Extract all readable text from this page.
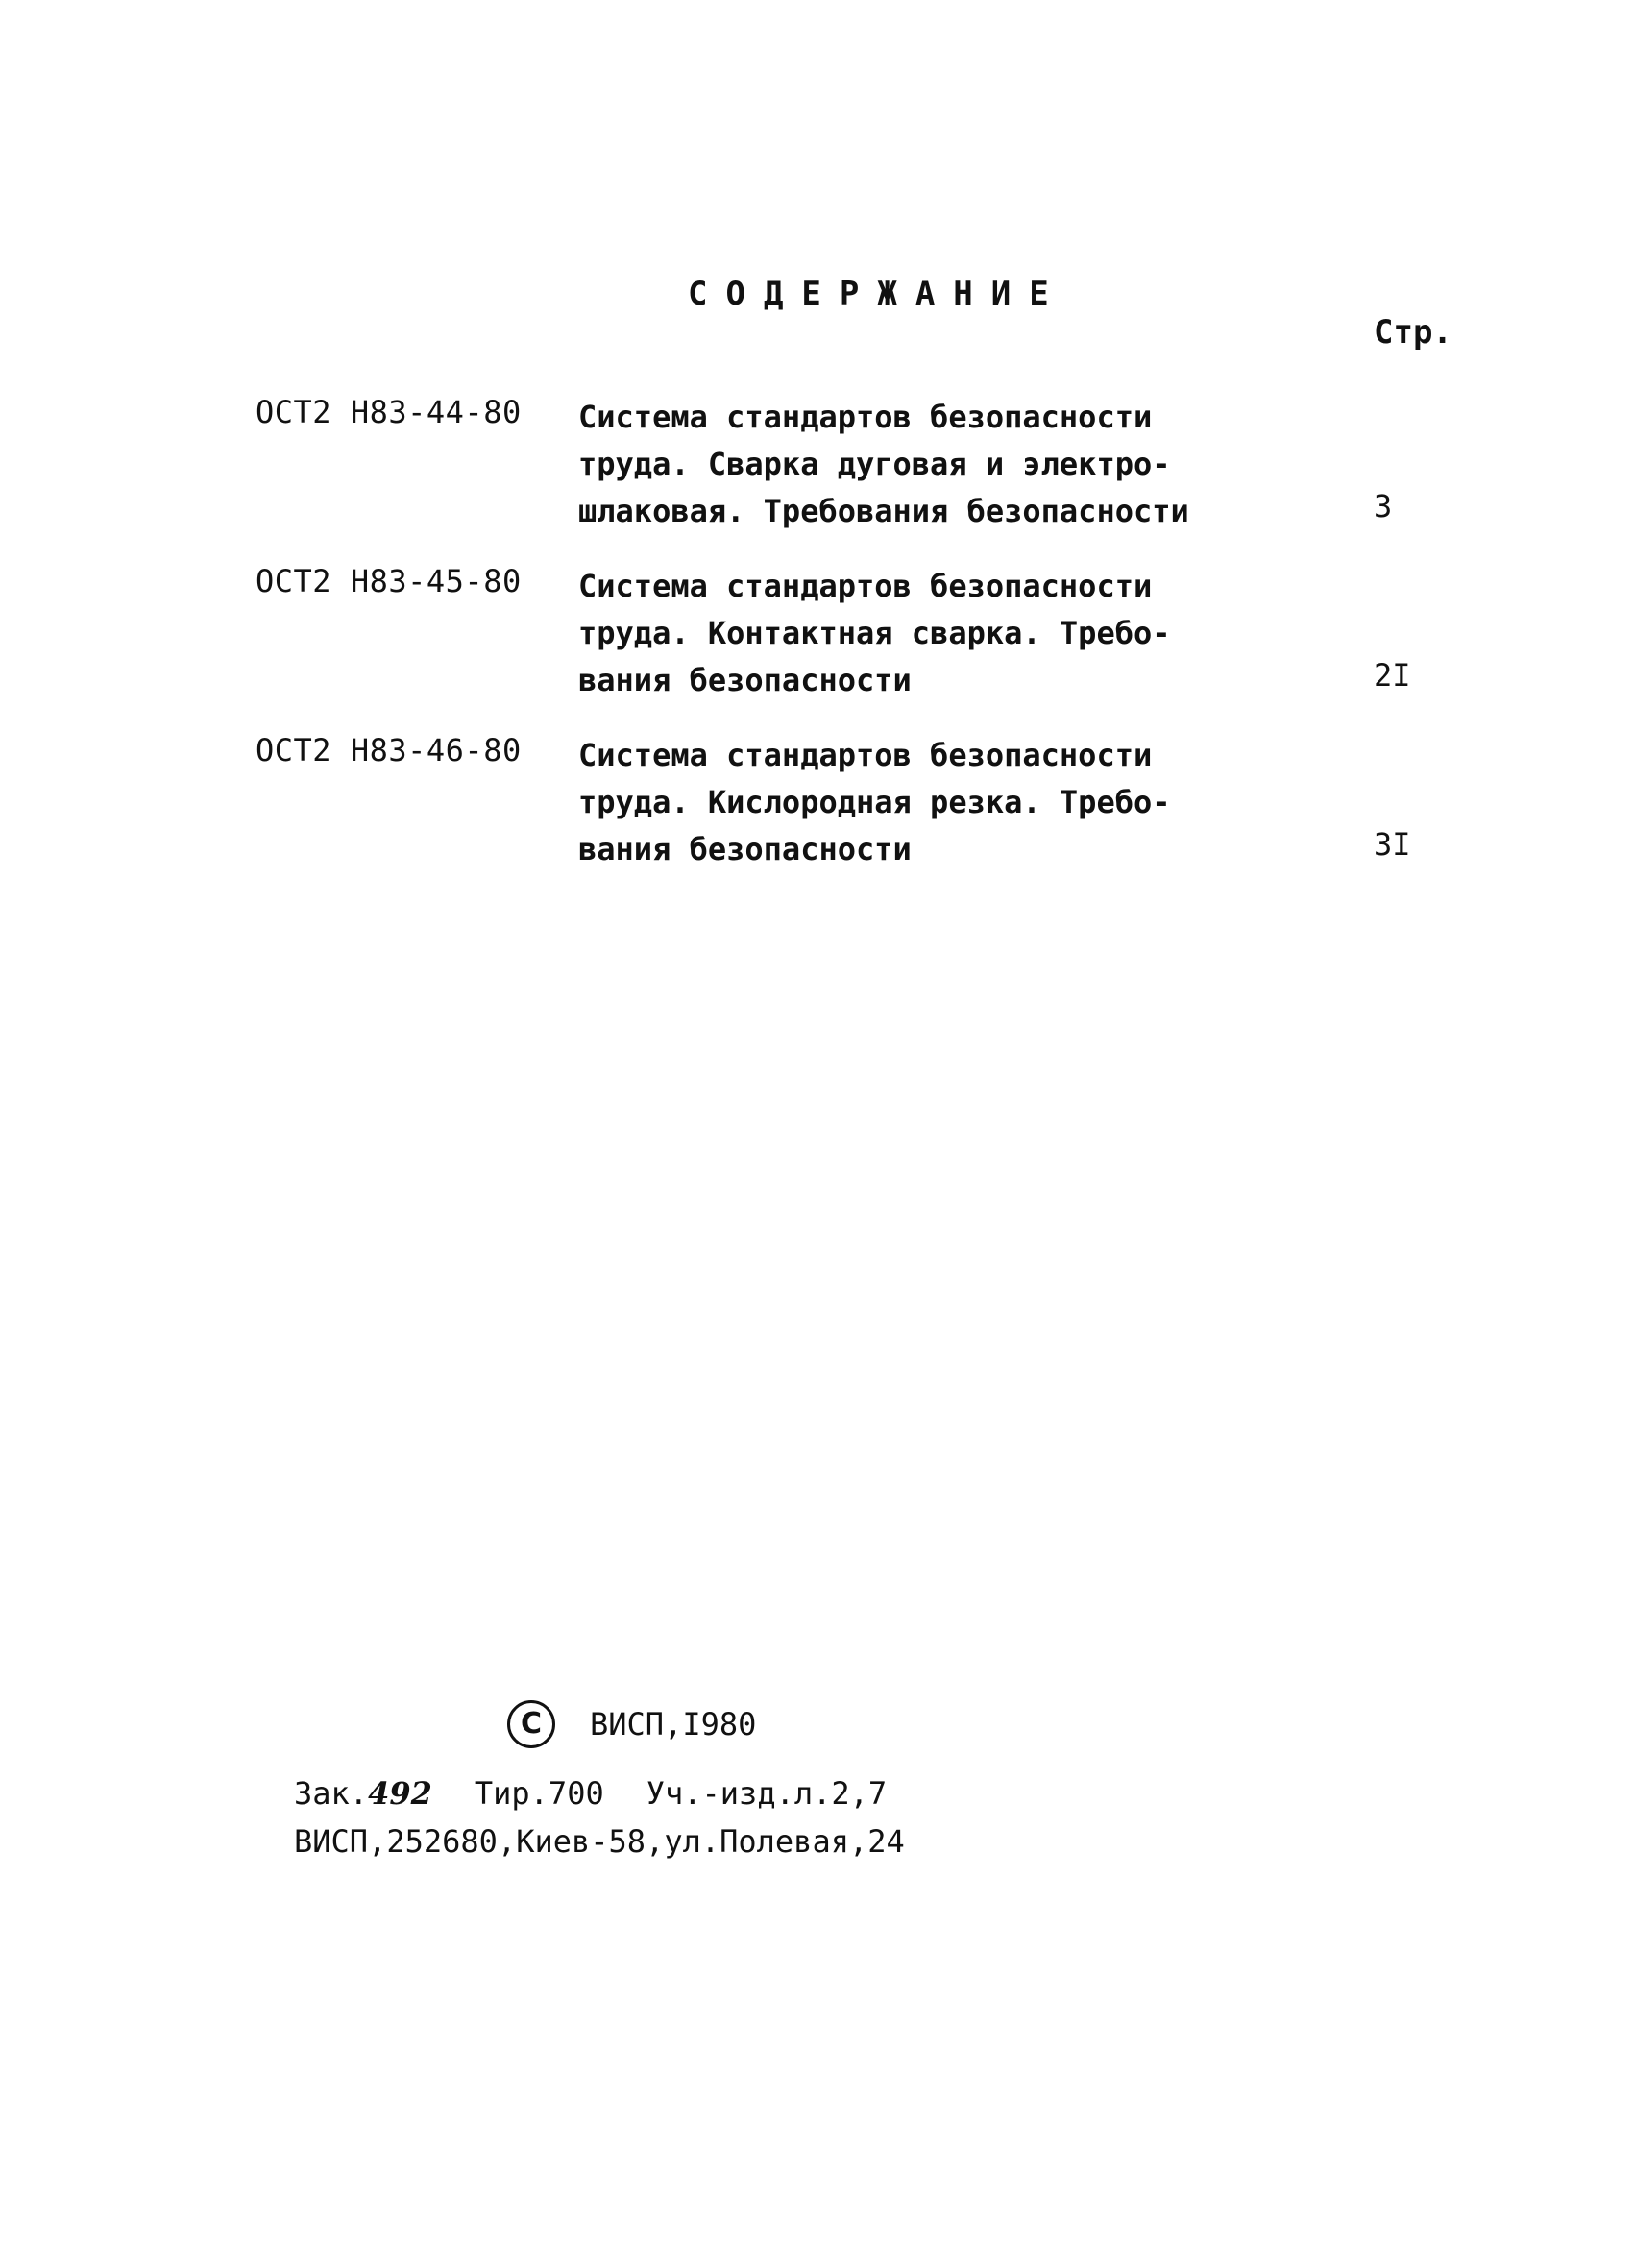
СОДЕРЖАНИЕ
Стр.
ОСТ2 Н83-44-80 Система стандартов безопасности
труда. Сварка дуговая и электро-
шлаковая. Требования безопасности	3
ОСТ2 Н83-45-80 Система стандартов безопасности
труда. Контактная сварка. Требо-
вания безопасности	2I
ОСТ2 Н83-46-80 Система стандартов безопасности
труда. Кислородная резка. Требо-
вания безопасности	3I
C	ВИСП,I980
Зак.492 Тир.700 Уч.-изд.л.2,7
ВИСП,252680,Киев-58,ул.Полевая,24
